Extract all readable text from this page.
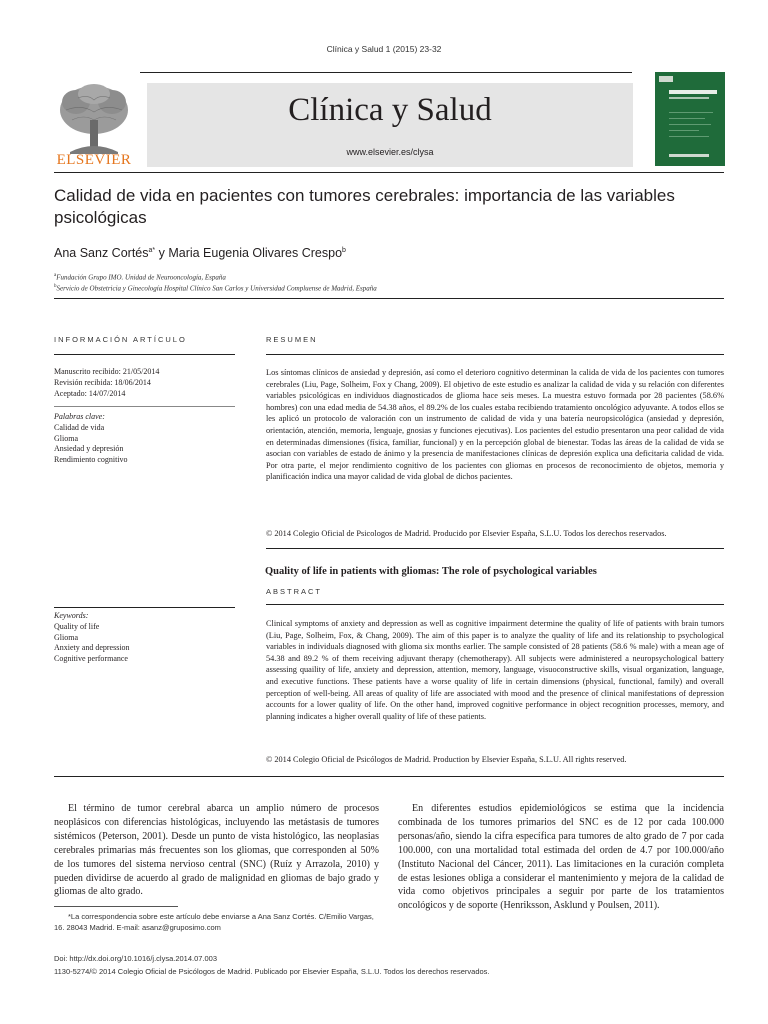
Clínica y Salud 1 (2015) 23-32
ELSEVIER
Clínica y Salud
www.elsevier.es/clysa
Calidad de vida en pacientes con tumores cerebrales: importancia de las variables psicológicas
Ana Sanz Cortés$^{a*}$ y Maria Eugenia Olivares Crespo$^b$
$^a$Fundación Grupo IMO. Unidad de Neurooncología, España
$^b$Servicio de Obstetricia y Ginecología Hospital Clínico San Carlos y Universidad Compluense de Madrid, España
INFORMACIÓN ARTÍCULO
Manuscrito recibido: 21/05/2014
Revisión recibida: 18/06/2014
Aceptado: 14/07/2014
Palabras clave:
Calidad de vida
Glioma
Ansiedad y depresión
Rendimiento cognitivo
Keywords:
Quality of life
Glioma
Anxiety and depression
Cognitive performance
RESUMEN
Los síntomas clínicos de ansiedad y depresión, así como el deterioro cognitivo determinan la calida de vida de los pacientes con tumores cerebrales (Liu, Page, Solheim, Fox y Chang, 2009). El objetivo de este estudio es analizar la calidad de vida y su relación con diferentes variables psicológicas en individuos diagnosticados de glioma hace seis meses. La muestra estuvo formada por 28 pacientes (58.6% hombres) con una edad media de 54.38 años, el 89.2% de los cuales estaba recibiendo tratamiento oncológico adyuvante. A todos ellos se les aplicó un protocolo de valoración con un instrumento de calidad de vida y una batería neuropsicológica (ansiedad y depresión, orientación, atención, memoria, lenguaje, gnosias y funciones ejecutivas). Los pacientes del estudio presentaron una peor calidad de vida en determinadas dimensiones (física, familiar, funcional) y en la percepción global de bienestar. Todas las áreas de la calidad de vida se asocian con variables de estado de ánimo y la presencia de manifestaciones clínicas de depresión explica una deficitaria calidad de vida. Por otra parte, el mejor rendimiento cognitivo de los pacientes con gliomas en procesos de reconocimiento de objetos, memoria y planificación indica una mayor calidad de vida global de dichos pacientes.
© 2014 Colegio Oficial de Psicologos de Madrid. Producido por Elsevier España, S.L.U. Todos los derechos reservados.
Quality of life in patients with gliomas: The role of psychological variables
ABSTRACT
Clinical symptoms of anxiety and depression as well as cognitive impairment determine the quality of life of patients with brain tumors (Liu, Page, Solheim, Fox, & Chang, 2009). The aim of this paper is to analyze the quality of life and its relationship to psychological variables in individuals diagnosed with glioma six months earlier. The sample consisted of 28 patients (58.6 % male) with a mean age of 54.38 and 89.2 % of them receiving adjuvant therapy (chemotherapy). All subjects were administered a neuropsychological battery assessing quaility of life, anxiety and depression, attention, memory, language, visuoconstructive skills, visual organization, language, and executive functions. These patients have a worse quality of life in certain dimensions (physical, functional, family) and overall perception of well-being. All areas of quality of life are associated with mood and the presence of clinical manifestations of depression accounts for a lower quality of life. On the other hand, improved cognitive performance in object recognition processes, memory, and planning indicates a higher overall quality of life of these patients.
© 2014 Colegio Oficial de Psicólogos de Madrid. Production by Elsevier España, S.L.U. All rights reserved.
El término de tumor cerebral abarca un amplio número de procesos neoplásicos con diferencias histológicas, incluyendo las metástasis de tumores sistémicos (Peterson, 2001). Desde un punto de vista histológico, las neoplasias cerebrales primarias más frecuentes son los gliomas, que corresponden al 50% de los tumores del sistema nervioso central (SNC) (Ruíz y Arrazola, 2010) y pueden dividirse de acuerdo al grado de malignidad en gliomas de bajo grado y gliomas de alto grado.
En diferentes estudios epidemiológicos se estima que la incidencia combinada de los tumores primarios del SNC es de 12 por cada 100.000 personas/año, siendo la cifra específica para tumores de alto grado de 7 por cada 100.000, con una mortalidad total estimada del orden de 4.7 por 100.000/año (Instituto Nacional del Cáncer, 2011). Las limitaciones en la curación completa de estas lesiones obliga a considerar el mantenimiento y mejora de la calidad de vida como objetivos principales a seguir por parte de los tratamientos oncológicos y de soporte (Henriksson, Asklund y Poulsen, 2011).
*La correspondencia sobre este artículo debe enviarse a Ana Sanz Cortés. C/Emilio Vargas, 16. 28043 Madrid. E-mail: asanz@gruposimo.com
Doi: http://dx.doi.org/10.1016/j.clysa.2014.07.003
1130-5274/© 2014 Colegio Oficial de Psicólogos de Madrid. Publicado por Elsevier España, S.L.U. Todos los derechos reservados.
